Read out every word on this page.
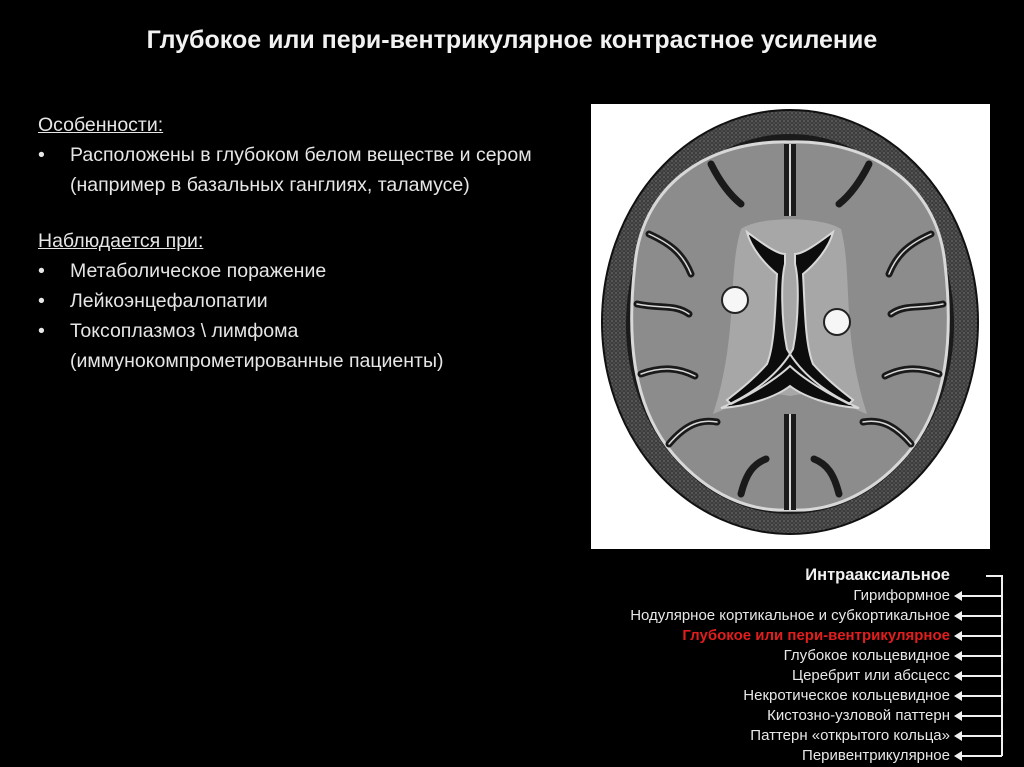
Глубокое или пери-вентрикулярное контрастное усиление
Особенности:
• Расположены в глубоком белом веществе и сером (например в базальных ганглиях, таламусе)
Наблюдается при:
• Метаболическое поражение
• Лейкоэнцефалопатии
• Токсоплазмоз \ лимфома (иммунокомпрометированные пациенты)
Интрааксиальное
Гириформное
Нодулярное кортикальное и субкортикальное
Глубокое или пери-вентрикулярное
Глубокое кольцевидное
Церебрит или абсцесс
Некротическое кольцевидное
Кистозно-узловой паттерн
Паттерн «открытого кольца»
Перивентрикулярное
